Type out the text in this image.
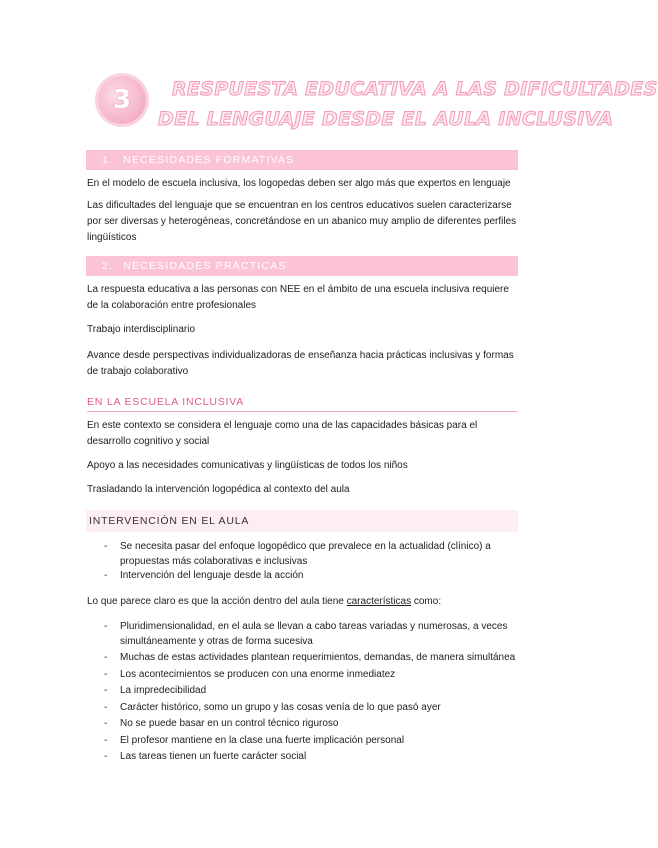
3	RESPUESTA EDUCATIVA A LAS DIFICULTADES
DEL LENGUAJE DESDE EL AULA INCLUSIVA
1. NECESIDADES FORMATIVAS
En el modelo de escuela inclusiva, los logopedas deben ser algo más que expertos en lenguaje
Las dificultades del lenguaje que se encuentran en los centros educativos suelen caracterizarse por ser diversas y heterogéneas, concretándose en un abanico muy amplio de diferentes perfiles lingüísticos
2. NECESIDADES PRÁCTICAS
La respuesta educativa a las personas con NEE en el ámbito de una escuela inclusiva requiere de la colaboración entre profesionales
Trabajo interdisciplinario
Avance desde perspectivas individualizadoras de enseñanza hacia prácticas inclusivas y formas de trabajo colaborativo
EN LA ESCUELA INCLUSIVA
En este contexto se considera el lenguaje como una de las capacidades básicas para el desarrollo cognitivo y social
Apoyo a las necesidades comunicativas y lingüísticas de todos los niños
Trasladando la intervención logopédica al contexto del aula
INTERVENCIÓN EN EL AULA
- Se necesita pasar del enfoque logopédico que prevalece en la actualidad (clínico) a propuestas más colaborativas e inclusivas
- Intervención del lenguaje desde la acción
Lo que parece claro es que la acción dentro del aula tiene características como:
- Pluridimensionalidad, en el aula se llevan a cabo tareas variadas y numerosas, a veces simultáneamente y otras de forma sucesiva
- Muchas de estas actividades plantean requerimientos, demandas, de manera simultánea
- Los acontecimientos se producen con una enorme inmediatez
- La impredecibilidad
- Carácter histórico, somo un grupo y las cosas venía de lo que pasó ayer
- No se puede basar en un control técnico riguroso
- El profesor mantiene en la clase una fuerte implicación personal
- Las tareas tienen un fuerte carácter social
